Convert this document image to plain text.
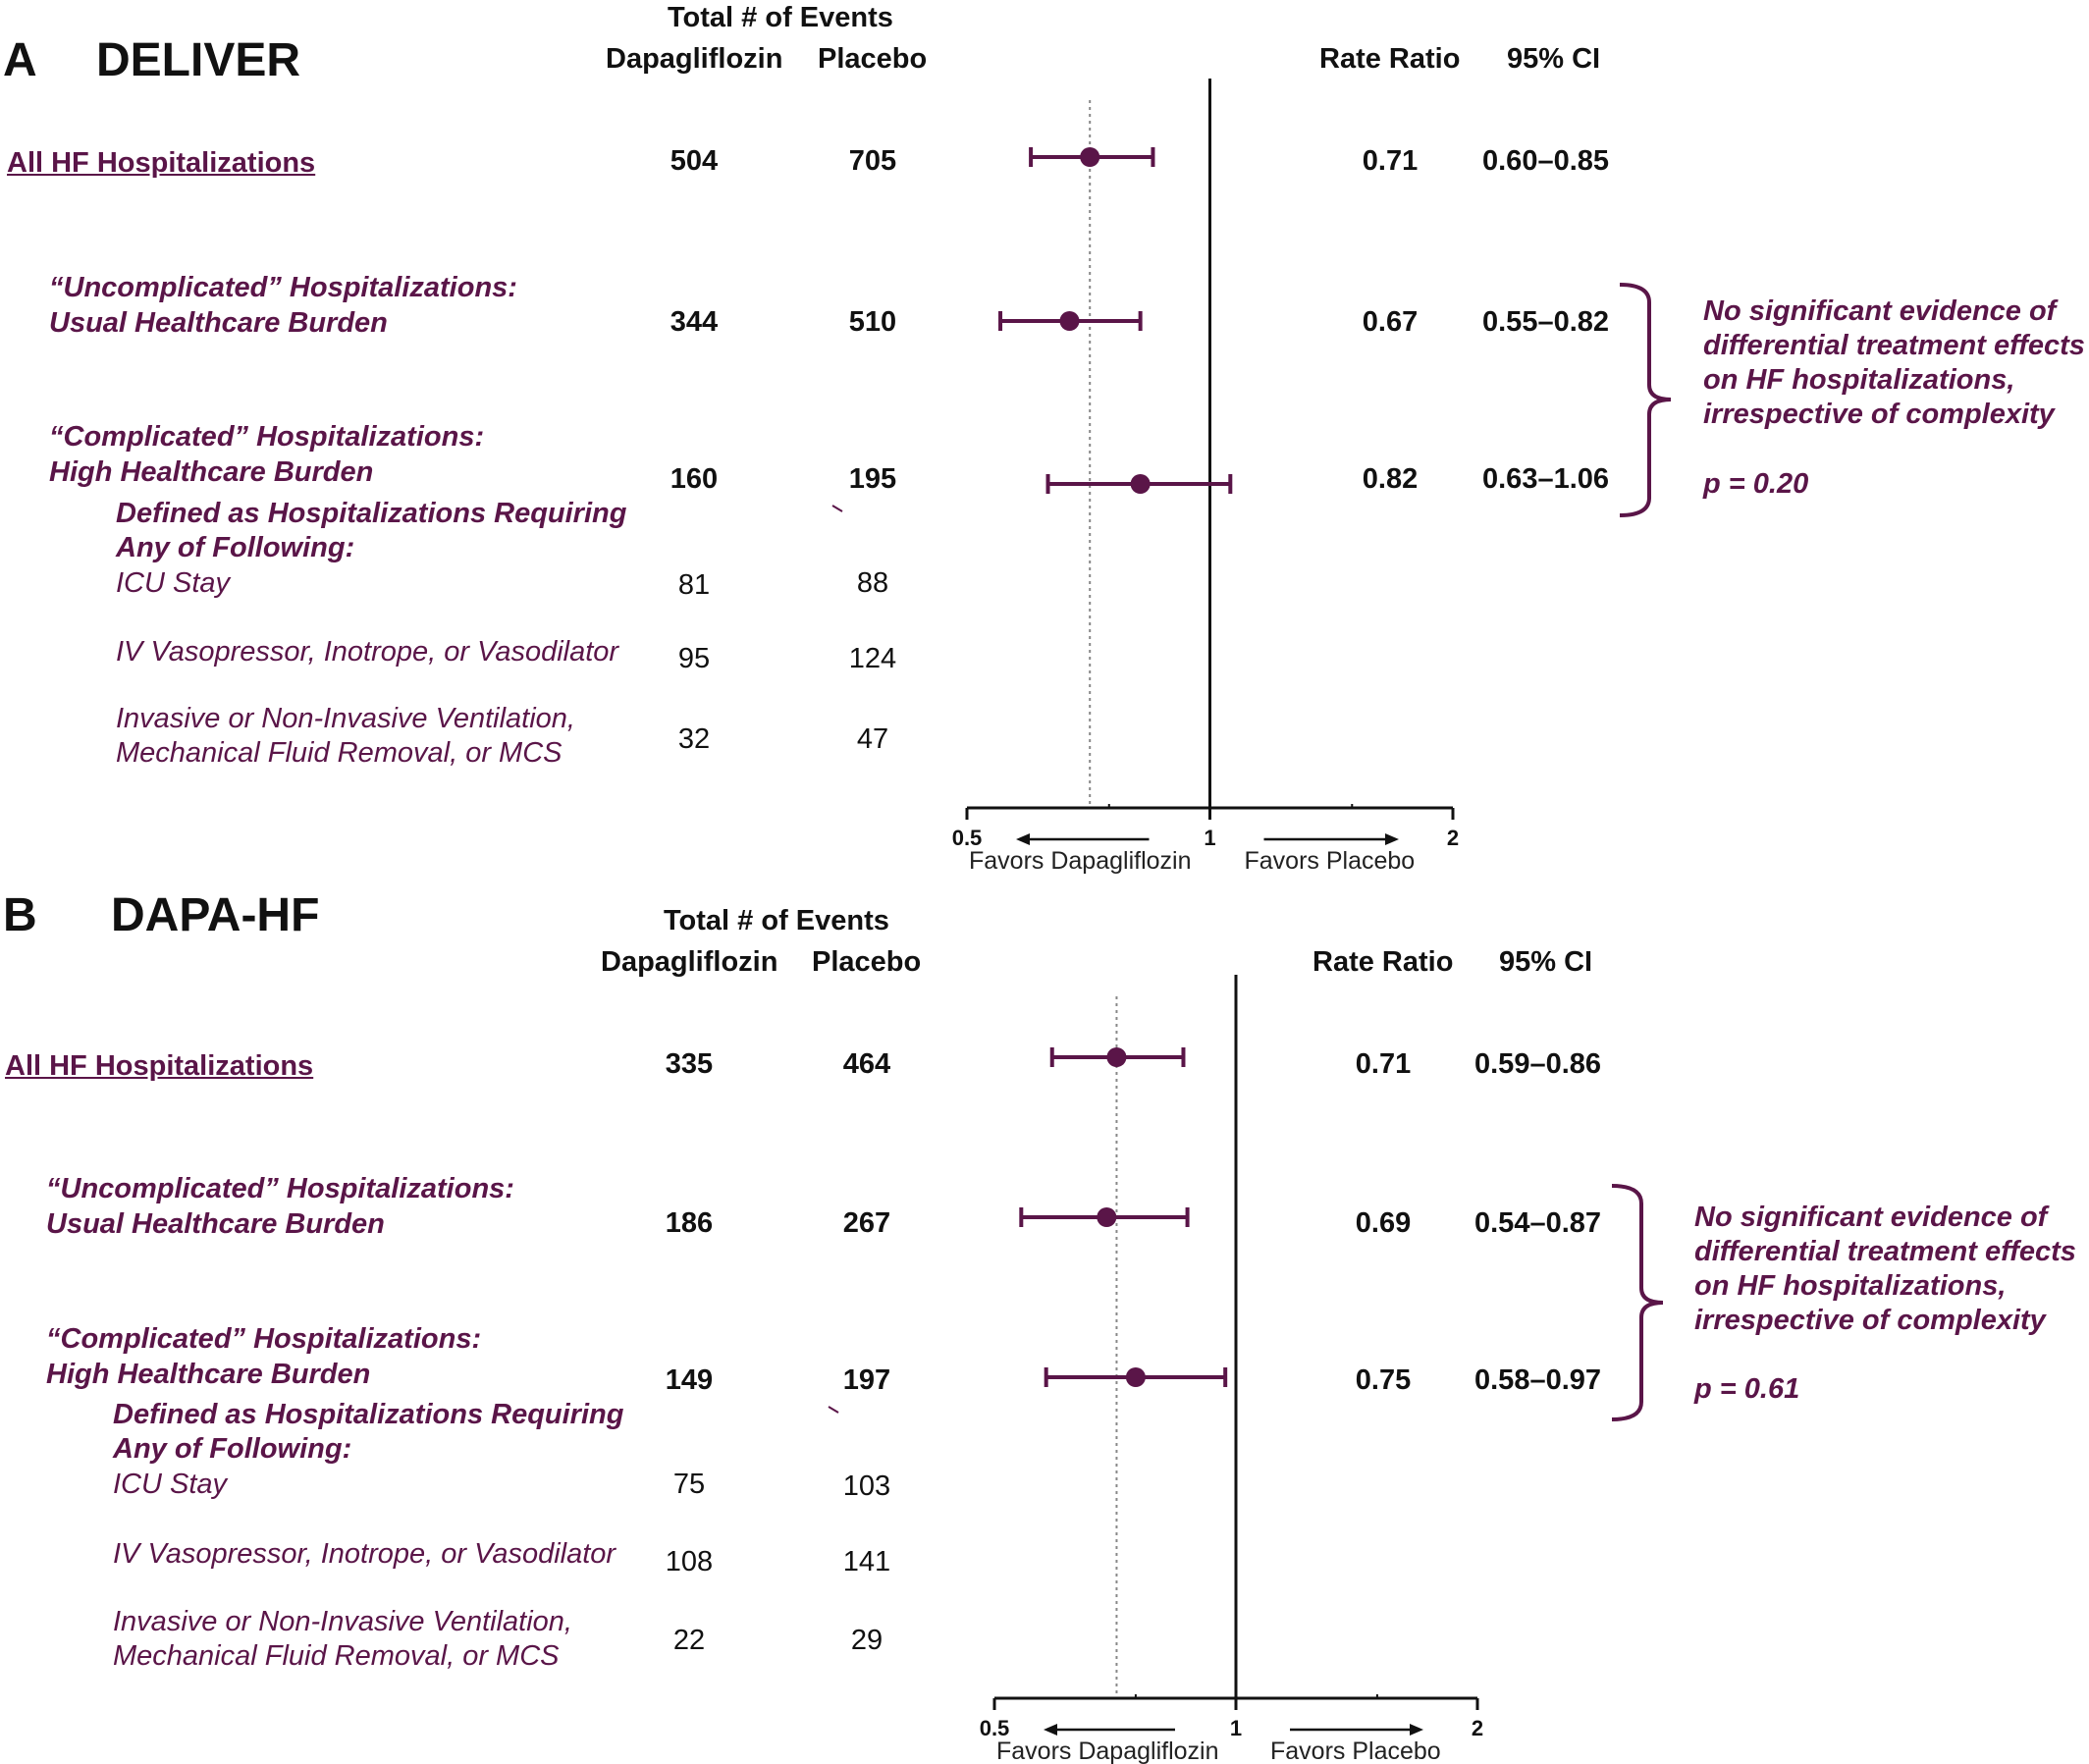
A DELIVER
Total # of Events
Dapagliflozin Placebo	Rate Ratio 95% CI
All HF Hospitalizations	504	705	0.71	0.60–0.85
“Uncomplicated” Hospitalizations:
Usual Healthcare Burden	344	510	0.67	0.55–0.82
“Complicated” Hospitalizations:
High Healthcare Burden	160	195	0.82	0.63–1.06
Defined as Hospitalizations Requiring
Any of Following:
ICU Stay	81	88
IV Vasopressor, Inotrope, or Vasodilator	95	124
Invasive or Non-Invasive Ventilation,
Mechanical Fluid Removal, or MCS	32	47
No significant evidence of
differential treatment effects
on HF hospitalizations,
irrespective of complexity
p = 0.20
0.5	1	2
Favors Dapagliflozin Favors Placebo
B DAPA-HF	Total # of Events
Dapagliflozin Placebo	Rate Ratio 95% CI
All HF Hospitalizations	335	464	0.71	0.59–0.86
“Uncomplicated” Hospitalizations:
Usual Healthcare Burden	186	267	0.69	0.54–0.87
“Complicated” Hospitalizations:
High Healthcare Burden	149	197	0.75	0.58–0.97
Defined as Hospitalizations Requiring
Any of Following:
ICU Stay	75	103
IV Vasopressor, Inotrope, or Vasodilator	108	141
Invasive or Non-Invasive Ventilation,
Mechanical Fluid Removal, or MCS	22	29
No significant evidence of
differential treatment effects
on HF hospitalizations,
irrespective of complexity
p = 0.61
0.5	1	2
Favors Dapagliflozin Favors Placebo
